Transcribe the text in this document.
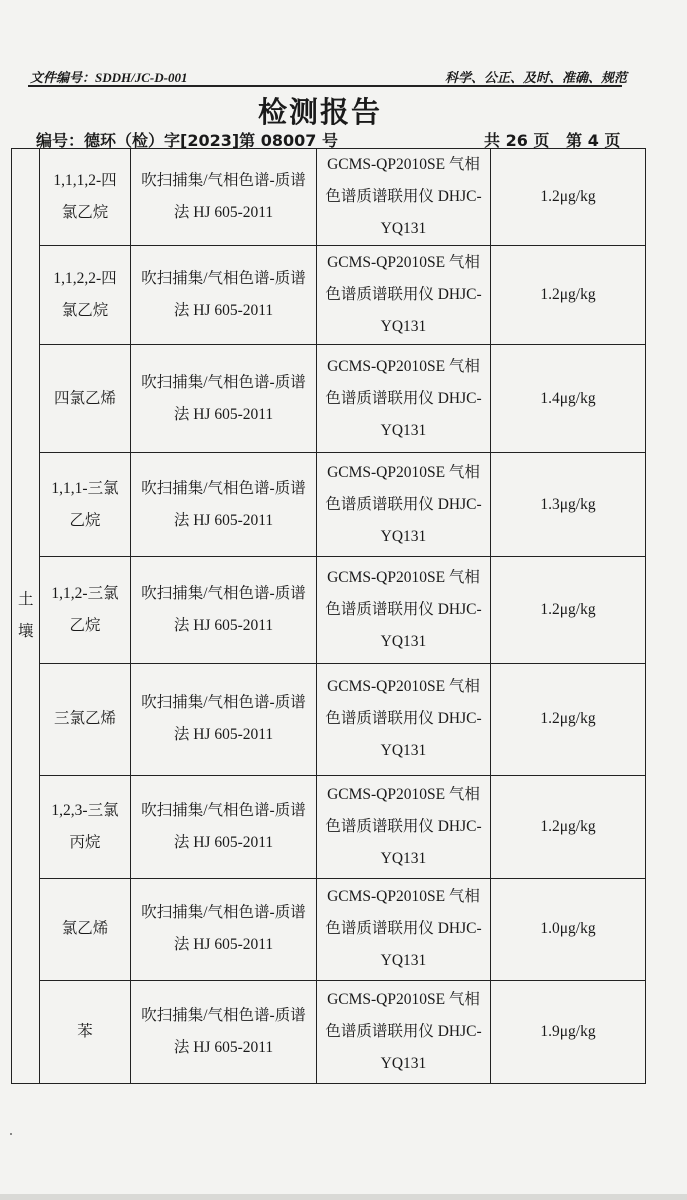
文件编号：SDDH/JC-D-001	科学、公正、及时、准确、规范
检测报告
编号：德环（检）字[2023]第 08007 号	共 26 页   第 4 页
土
壤	1,1,1,2-四氯乙烷	吹扫捕集/气相色谱-质谱法 HJ 605-2011	GCMS-QP2010SE 气相色谱质谱联用仪 DHJC-YQ131	1.2μg/kg
	1,1,2,2-四氯乙烷	吹扫捕集/气相色谱-质谱法 HJ 605-2011	GCMS-QP2010SE 气相色谱质谱联用仪 DHJC-YQ131	1.2μg/kg
	四氯乙烯	吹扫捕集/气相色谱-质谱法 HJ 605-2011	GCMS-QP2010SE 气相色谱质谱联用仪 DHJC-YQ131	1.4μg/kg
	1,1,1-三氯乙烷	吹扫捕集/气相色谱-质谱法 HJ 605-2011	GCMS-QP2010SE 气相色谱质谱联用仪 DHJC-YQ131	1.3μg/kg
	1,1,2-三氯乙烷	吹扫捕集/气相色谱-质谱法 HJ 605-2011	GCMS-QP2010SE 气相色谱质谱联用仪 DHJC-YQ131	1.2μg/kg
	三氯乙烯	吹扫捕集/气相色谱-质谱法 HJ 605-2011	GCMS-QP2010SE 气相色谱质谱联用仪 DHJC-YQ131	1.2μg/kg
	1,2,3-三氯丙烷	吹扫捕集/气相色谱-质谱法 HJ 605-2011	GCMS-QP2010SE 气相色谱质谱联用仪 DHJC-YQ131	1.2μg/kg
	氯乙烯	吹扫捕集/气相色谱-质谱法 HJ 605-2011	GCMS-QP2010SE 气相色谱质谱联用仪 DHJC-YQ131	1.0μg/kg
	苯	吹扫捕集/气相色谱-质谱法 HJ 605-2011	GCMS-QP2010SE 气相色谱质谱联用仪 DHJC-YQ131	1.9μg/kg
